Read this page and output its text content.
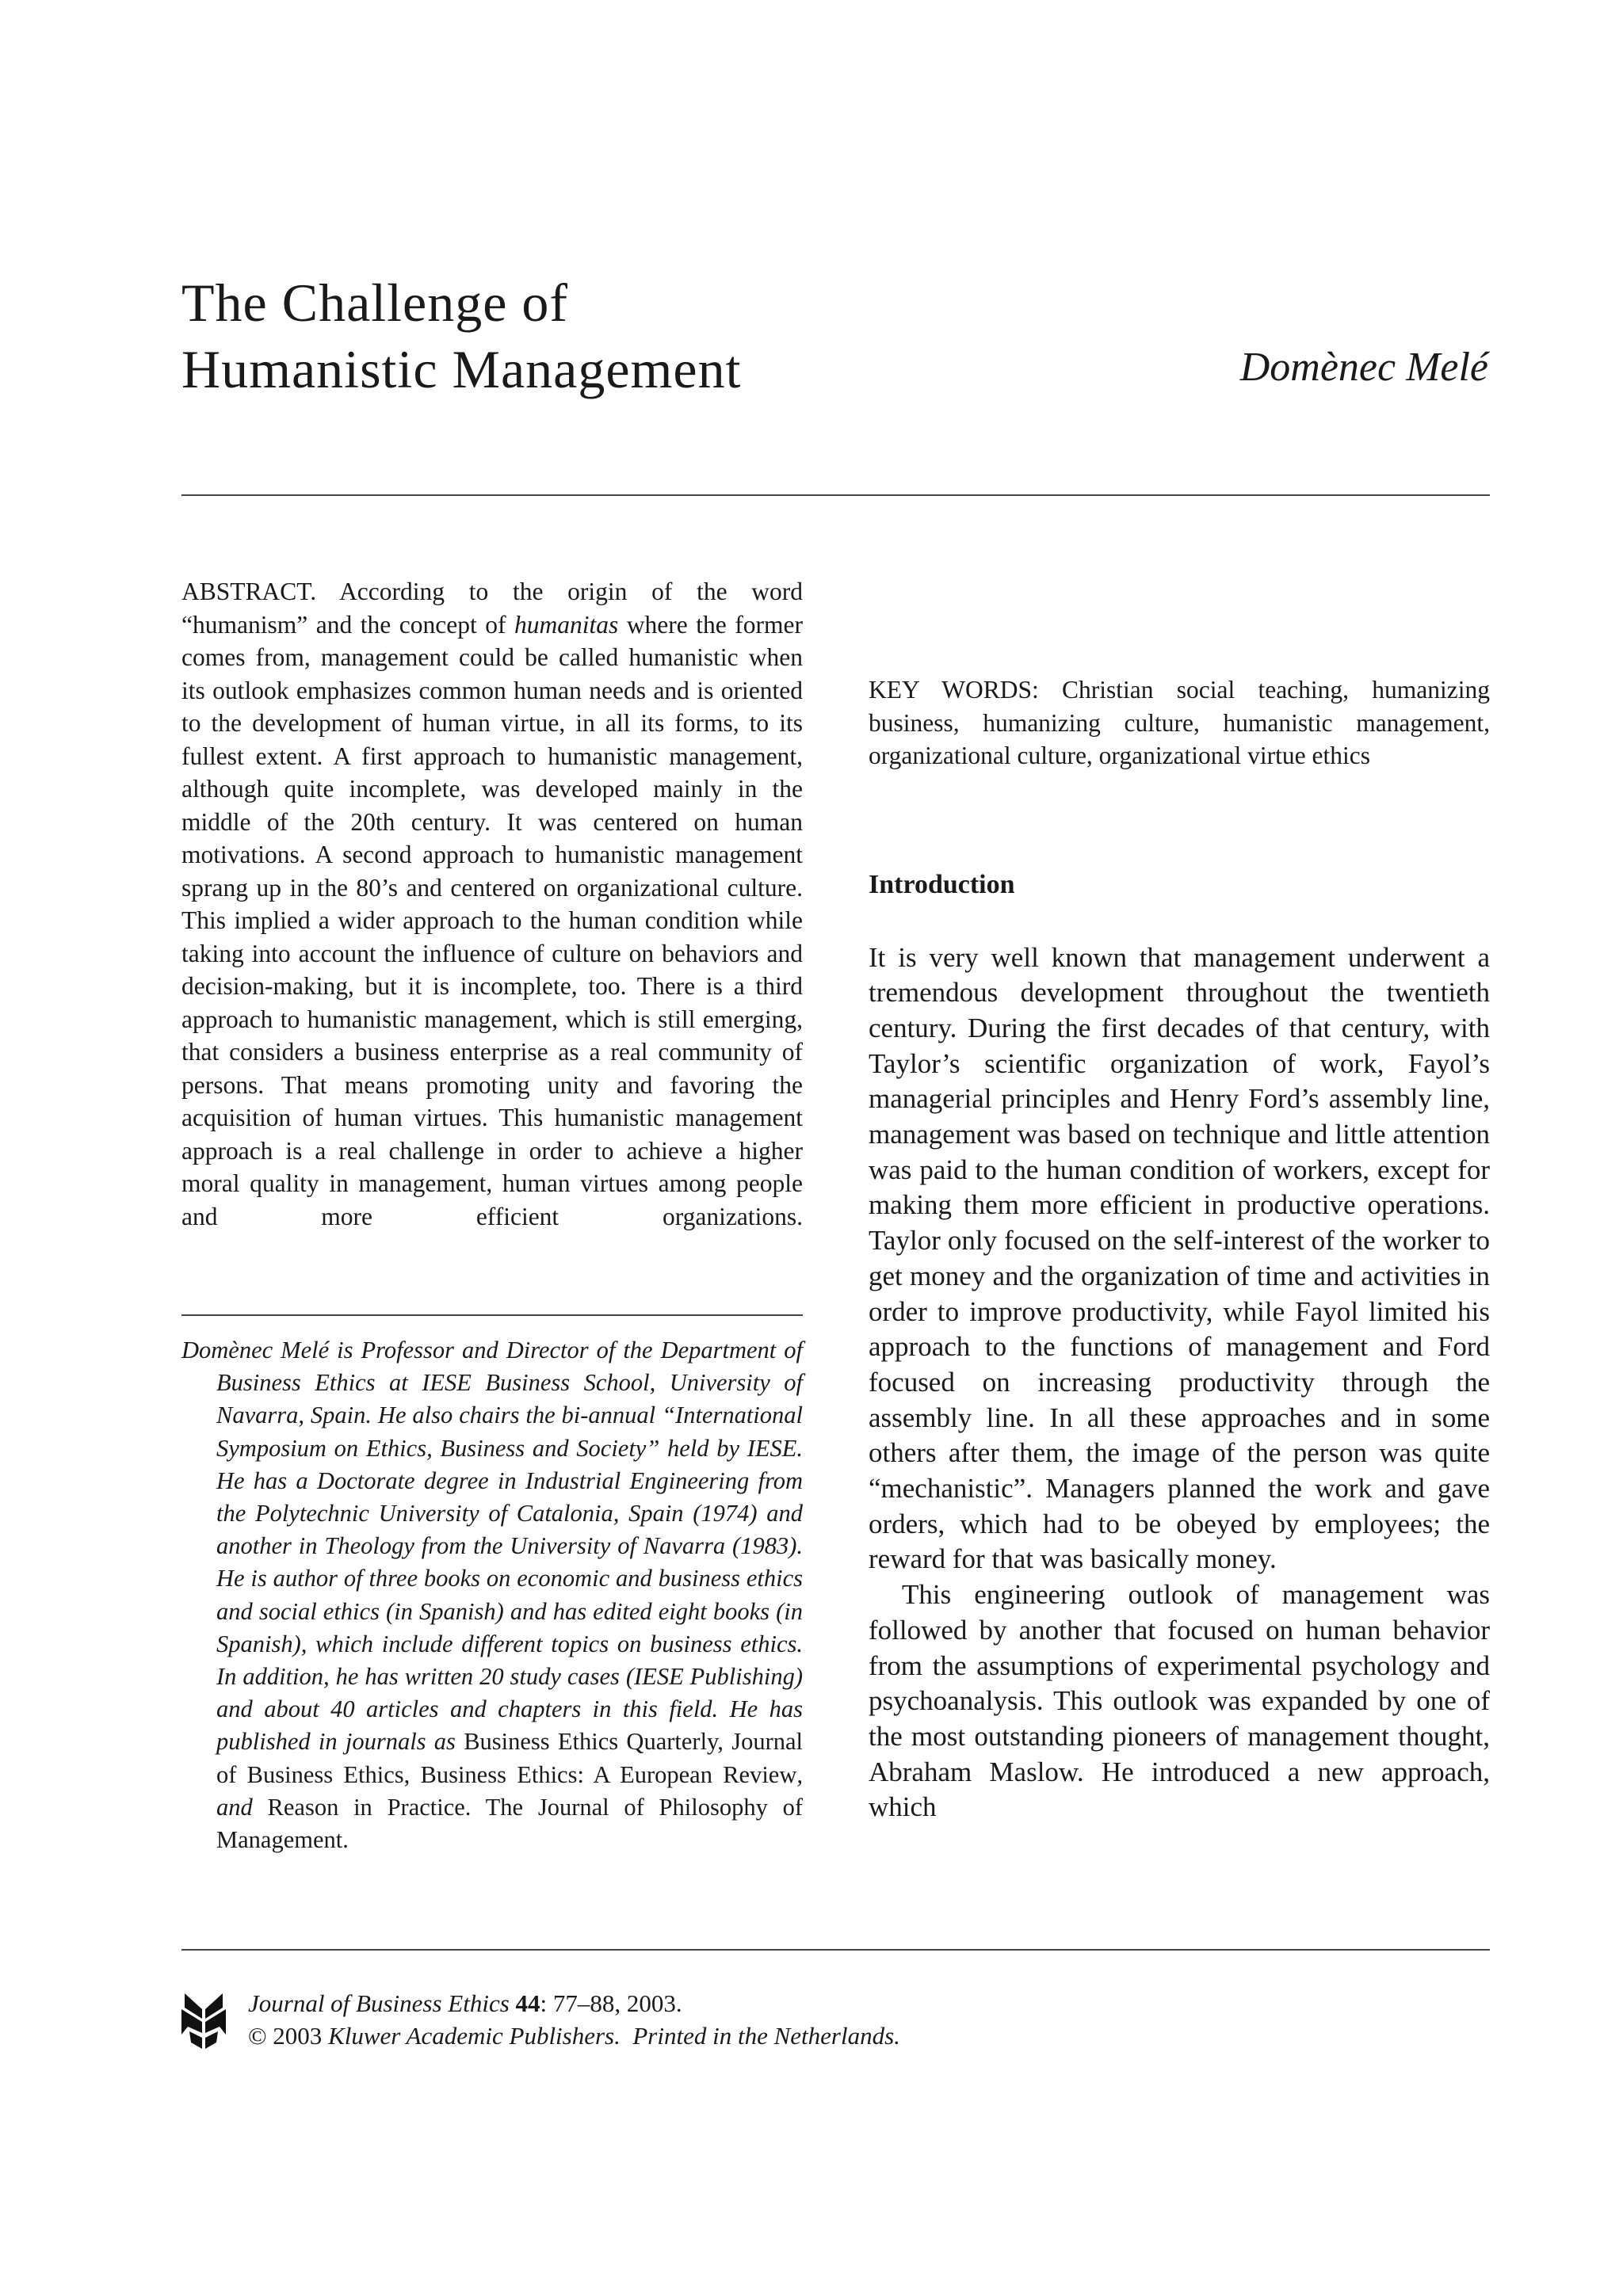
The Challenge of
Humanistic Management	Domènec Melé

ABSTRACT. According to the origin of the word “humanism” and the concept of humanitas where the former comes from, management could be called humanistic when its outlook emphasizes common human needs and is oriented to the development of human virtue, in all its forms, to its fullest extent. A first approach to humanistic management, although quite incomplete, was developed mainly in the middle of the 20th century. It was centered on human motivations. A second approach to humanistic management sprang up in the 80’s and centered on organizational culture. This implied a wider approach to the human condition while taking into account the influence of culture on behaviors and decision-making, but it is incomplete, too. There is a third approach to humanistic management, which is still emerging, that considers a business enterprise as a real community of persons. That means promoting unity and favoring the acquisition of human virtues. This humanistic management approach is a real challenge in order to achieve a higher moral quality in management, human virtues among people and more efficient organizations.

Domènec Melé is Professor and Director of the Department of Business Ethics at IESE Business School, University of Navarra, Spain. He also chairs the bi-annual “International Symposium on Ethics, Business and Society” held by IESE. He has a Doctorate degree in Industrial Engineering from the Polytechnic University of Catalonia, Spain (1974) and another in Theology from the University of Navarra (1983). He is author of three books on economic and business ethics and social ethics (in Spanish) and has edited eight books (in Spanish), which include different topics on business ethics. In addition, he has written 20 study cases (IESE Publishing) and about 40 articles and chapters in this field. He has published in journals as Business Ethics Quarterly, Journal of Business Ethics, Business Ethics: A European Review, and Reason in Practice. The Journal of Philosophy of Management.

KEY WORDS: Christian social teaching, humanizing business, humanizing culture, humanistic management, organizational culture, organizational virtue ethics

Introduction

It is very well known that management underwent a tremendous development throughout the twentieth century. During the first decades of that century, with Taylor’s scientific organization of work, Fayol’s managerial principles and Henry Ford’s assembly line, management was based on technique and little attention was paid to the human condition of workers, except for making them more efficient in productive operations. Taylor only focused on the self-interest of the worker to get money and the organization of time and activities in order to improve productivity, while Fayol limited his approach to the functions of management and Ford focused on increasing productivity through the assembly line. In all these approaches and in some others after them, the image of the person was quite “mechanistic”. Managers planned the work and gave orders, which had to be obeyed by employees; the reward for that was basically money.

This engineering outlook of management was followed by another that focused on human behavior from the assumptions of experimental psychology and psychoanalysis. This outlook was expanded by one of the most outstanding pioneers of management thought, Abraham Maslow. He introduced a new approach, which

Journal of Business Ethics 44: 77–88, 2003.
© 2003 Kluwer Academic Publishers. Printed in the Netherlands.
